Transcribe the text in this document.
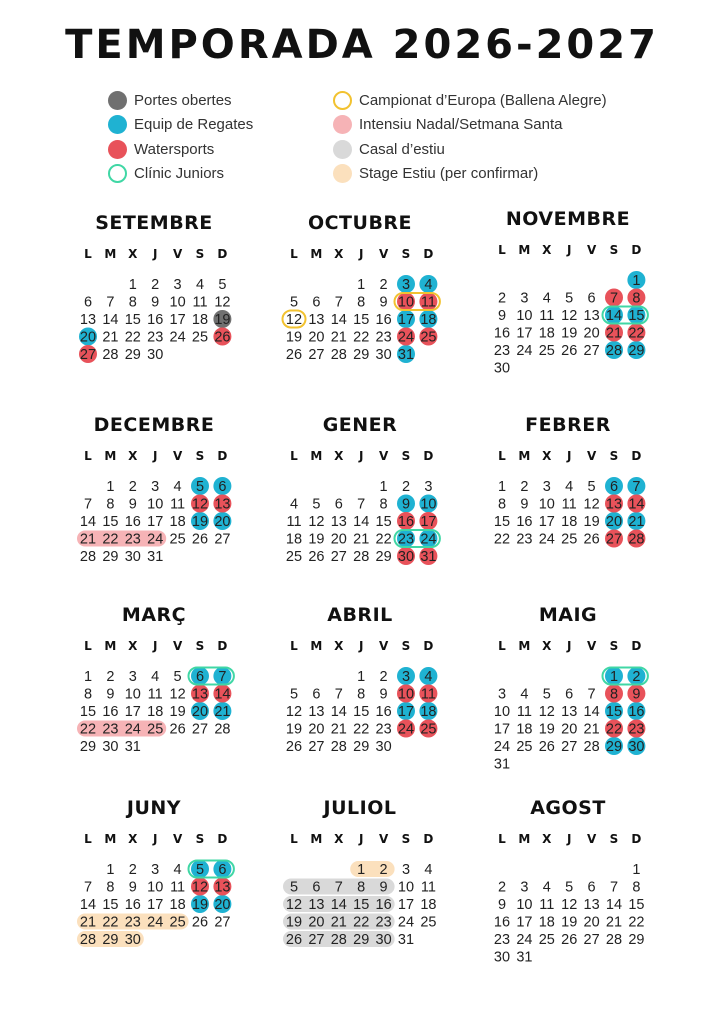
TEMPORADA 2026-2027
Portes obertes
Equip de Regates
Watersports
Clínic Juniors
Campionat d’Europa (Ballena Alegre)
Intensiu Nadal/Setmana Santa
Casal d’estiu
Stage Estiu (per confirmar)
SETEMBRE
L M X J V S D
1 2 3 4 5
6 7 8 9 10 11 12
13 14 15 16 17 18 19
20 21 22 23 24 25 26
27 28 29 30
OCTUBRE
L M X J V S D
1 2 3 4
5 6 7 8 9 10 11
12 13 14 15 16 17 18
19 20 21 22 23 24 25
26 27 28 29 30 31
NOVEMBRE
L M X J V S D
1
2 3 4 5 6 7 8
9 10 11 12 13 14 15
16 17 18 19 20 21 22
23 24 25 26 27 28 29
30
DECEMBRE
L M X J V S D
1 2 3 4 5 6
7 8 9 10 11 12 13
14 15 16 17 18 19 20
21 22 23 24 25 26 27
28 29 30 31
GENER
L M X J V S D
1 2 3
4 5 6 7 8 9 10
11 12 13 14 15 16 17
18 19 20 21 22 23 24
25 26 27 28 29 30 31
FEBRER
L M X J V S D
1 2 3 4 5 6 7
8 9 10 11 12 13 14
15 16 17 18 19 20 21
22 23 24 25 26 27 28
MARÇ
L M X J V S D
1 2 3 4 5 6 7
8 9 10 11 12 13 14
15 16 17 18 19 20 21
22 23 24 25 26 27 28
29 30 31
ABRIL
L M X J V S D
1 2 3 4
5 6 7 8 9 10 11
12 13 14 15 16 17 18
19 20 21 22 23 24 25
26 27 28 29 30
MAIG
L M X J V S D
1 2
3 4 5 6 7 8 9
10 11 12 13 14 15 16
17 18 19 20 21 22 23
24 25 26 27 28 29 30
31
JUNY
L M X J V S D
1 2 3 4 5 6
7 8 9 10 11 12 13
14 15 16 17 18 19 20
21 22 23 24 25 26 27
28 29 30
JULIOL
L M X J V S D
1 2 3 4
5 6 7 8 9 10 11
12 13 14 15 16 17 18
19 20 21 22 23 24 25
26 27 28 29 30 31
AGOST
L M X J V S D
1
2 3 4 5 6 7 8
9 10 11 12 13 14 15
16 17 18 19 20 21 22
23 24 25 26 27 28 29
30 31
